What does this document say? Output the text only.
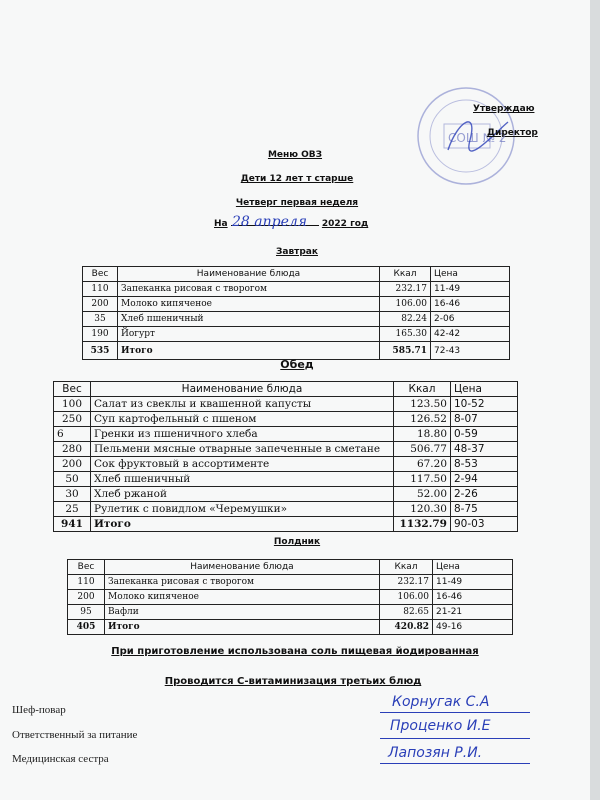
СОШ № 2
Утверждаю
Директор
Меню ОВЗ
Дети 12 лет т старше
Четверг первая неделя
На	2022 год
28 апреля
Завтрак
Вес	Наименование блюда	Ккал	Цена
110	Запеканка рисовая с творогом	232.17	11-49
200	Молоко кипяченое	106.00	16-46
35	Хлеб пшеничный	82.24	2-06
190	Йогурт	165.30	42-42
535	Итого	585.71	72-43
Обед
Вес	Наименование блюда	Ккал	Цена
100	Салат из свеклы и квашенной капусты	123.50	10-52
250	Суп картофельный с пшеном	126.52	8-07
6	Гренки из пшеничного хлеба	18.80	0-59
280	Пельмени мясные отварные запеченные в сметане	506.77	48-37
200	Сок фруктовый в ассортименте	67.20	8-53
50	Хлеб пшеничный	117.50	2-94
30	Хлеб ржаной	52.00	2-26
25	Рулетик с повидлом «Черемушки»	120.30	8-75
941	Итого	1132.79	90-03
Полдник
Вес	Наименование блюда	Ккал	Цена
110	Запеканка рисовая с творогом	232.17	11-49
200	Молоко кипяченое	106.00	16-46
95	Вафли	82.65	21-21
405	Итого	420.82	49-16
При приготовление использована соль пищевая йодированная
Проводится С-витаминизация третьих блюд
Шеф-повар	Корнугак С.А
Ответственный за питание
Проценко И.Е
Медицинская сестра	Лапозян Р.И.
